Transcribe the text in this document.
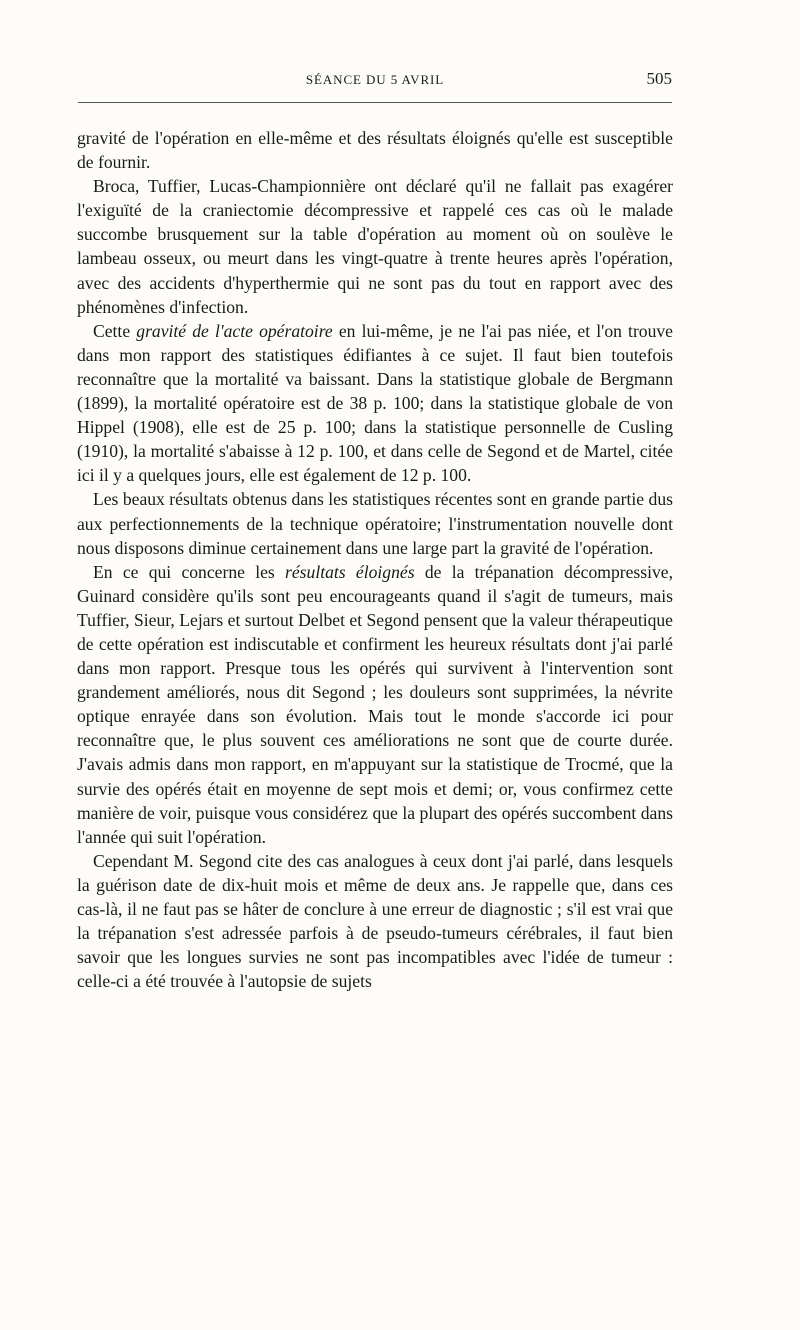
SÉANCE DU 5 AVRIL	505

gravité de l'opération en elle-même et des résultats éloignés qu'elle est susceptible de fournir.

Broca, Tuffier, Lucas-Championnière ont déclaré qu'il ne fallait pas exagérer l'exiguïté de la craniectomie décompressive et rappelé ces cas où le malade succombe brusquement sur la table d'opération au moment où on soulève le lambeau osseux, ou meurt dans les vingt-quatre à trente heures après l'opération, avec des accidents d'hyperthermie qui ne sont pas du tout en rapport avec des phénomènes d'infection.

Cette gravité de l'acte opératoire en lui-même, je ne l'ai pas niée, et l'on trouve dans mon rapport des statistiques édifiantes à ce sujet. Il faut bien toutefois reconnaître que la mortalité va baissant. Dans la statistique globale de Bergmann (1899), la mortalité opératoire est de 38 p. 100; dans la statistique globale de von Hippel (1908), elle est de 25 p. 100; dans la statistique personnelle de Cusling (1910), la mortalité s'abaisse à 12 p. 100, et dans celle de Segond et de Martel, citée ici il y a quelques jours, elle est également de 12 p. 100.

Les beaux résultats obtenus dans les statistiques récentes sont en grande partie dus aux perfectionnements de la technique opératoire; l'instrumentation nouvelle dont nous disposons diminue certainement dans une large part la gravité de l'opération.

En ce qui concerne les résultats éloignés de la trépanation décompressive, Guinard considère qu'ils sont peu encourageants quand il s'agit de tumeurs, mais Tuffier, Sieur, Lejars et surtout Delbet et Segond pensent que la valeur thérapeutique de cette opération est indiscutable et confirment les heureux résultats dont j'ai parlé dans mon rapport. Presque tous les opérés qui survivent à l'intervention sont grandement améliorés, nous dit Segond ; les douleurs sont supprimées, la névrite optique enrayée dans son évolution. Mais tout le monde s'accorde ici pour reconnaître que, le plus souvent ces améliorations ne sont que de courte durée. J'avais admis dans mon rapport, en m'appuyant sur la statistique de Trocmé, que la survie des opérés était en moyenne de sept mois et demi; or, vous confirmez cette manière de voir, puisque vous considérez que la plupart des opérés succombent dans l'année qui suit l'opération.

Cependant M. Segond cite des cas analogues à ceux dont j'ai parlé, dans lesquels la guérison date de dix-huit mois et même de deux ans. Je rappelle que, dans ces cas-là, il ne faut pas se hâter de conclure à une erreur de diagnostic ; s'il est vrai que la trépanation s'est adressée parfois à de pseudo-tumeurs cérébrales, il faut bien savoir que les longues survies ne sont pas incompatibles avec l'idée de tumeur : celle-ci a été trouvée à l'autopsie de sujets
